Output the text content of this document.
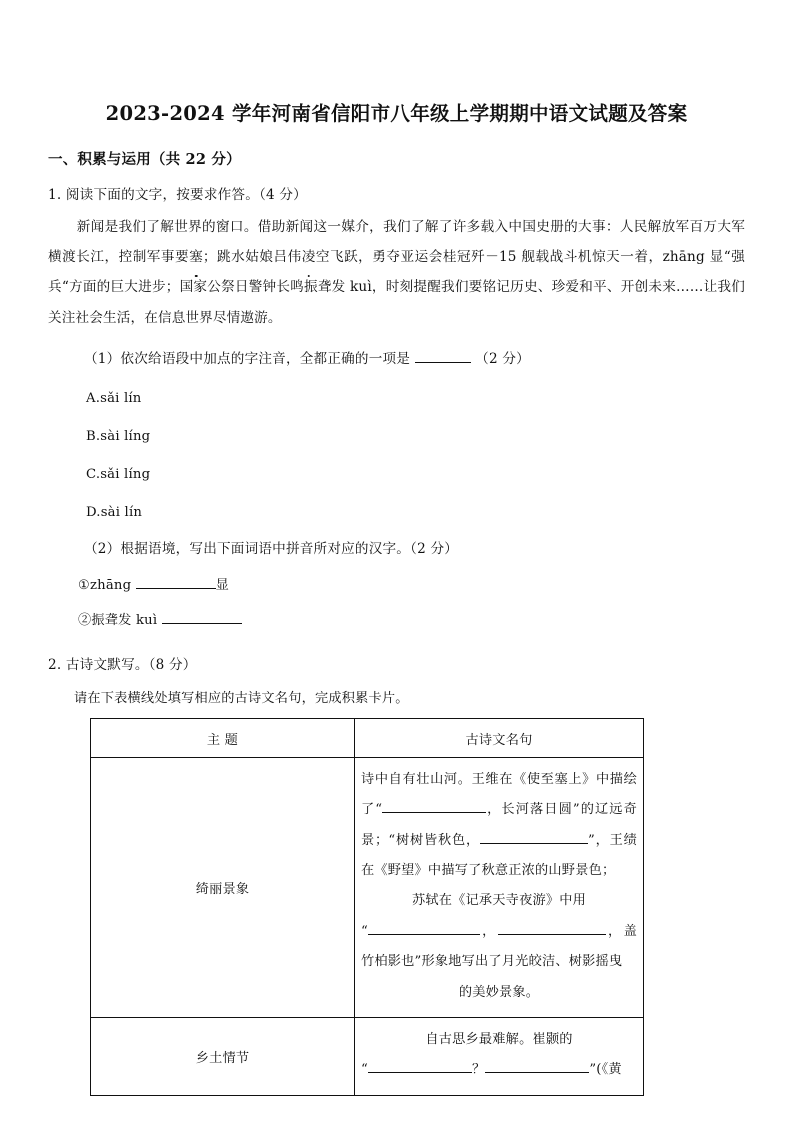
2023-2024 学年河南省信阳市八年级上学期期中语文试题及答案

一、积累与运用（共 22 分）

1. 阅读下面的文字，按要求作答。（4 分）

新闻是我们了解世界的窗口。借助新闻这一媒介，我们了解了许多载入中国史册的大事：人民解放军百万大军横渡长江，控制军事要塞；跳水姑娘吕伟凌空飞跃，勇夺亚运会桂冠歼－15 舰载战斗机惊天一着，zhāng 显“强兵“方面的巨大进步；国家公祭日警钟长鸣振聋发 kuì，时刻提醒我们要铭记历史、珍爱和平、开创未来……让我们关注社会生活，在信息世界尽情遨游。

（1）依次给语段中加点的字注音，全都正确的一项是	（2 分）

A.sǎi lín

B.sài líng

C.sǎi líng

D.sài lín

（2）根据语境，写出下面词语中拼音所对应的汉字。（2 分）

①zhāng	显

②振聋发 kuì

2. 古诗文默写。（8 分）

请在下表横线处填写相应的古诗文名句，完成积累卡片。

主 题	古诗文名句
绮丽景象	诗中自有壮山河。王维在《使至塞上》中描绘了“ ，长河落日圆”的辽远奇景；“树树皆秋色， ”，王绩在《野望》中描写了秋意正浓的山野景色；
苏轼在《记承天寺夜游》中用
“ ， ，盖竹柏影也”形象地写出了月光皎洁、树影摇曳
的美妙景象。

乡土情节	自古思乡最难解。崔颢的
“ ？ ”(《黄
